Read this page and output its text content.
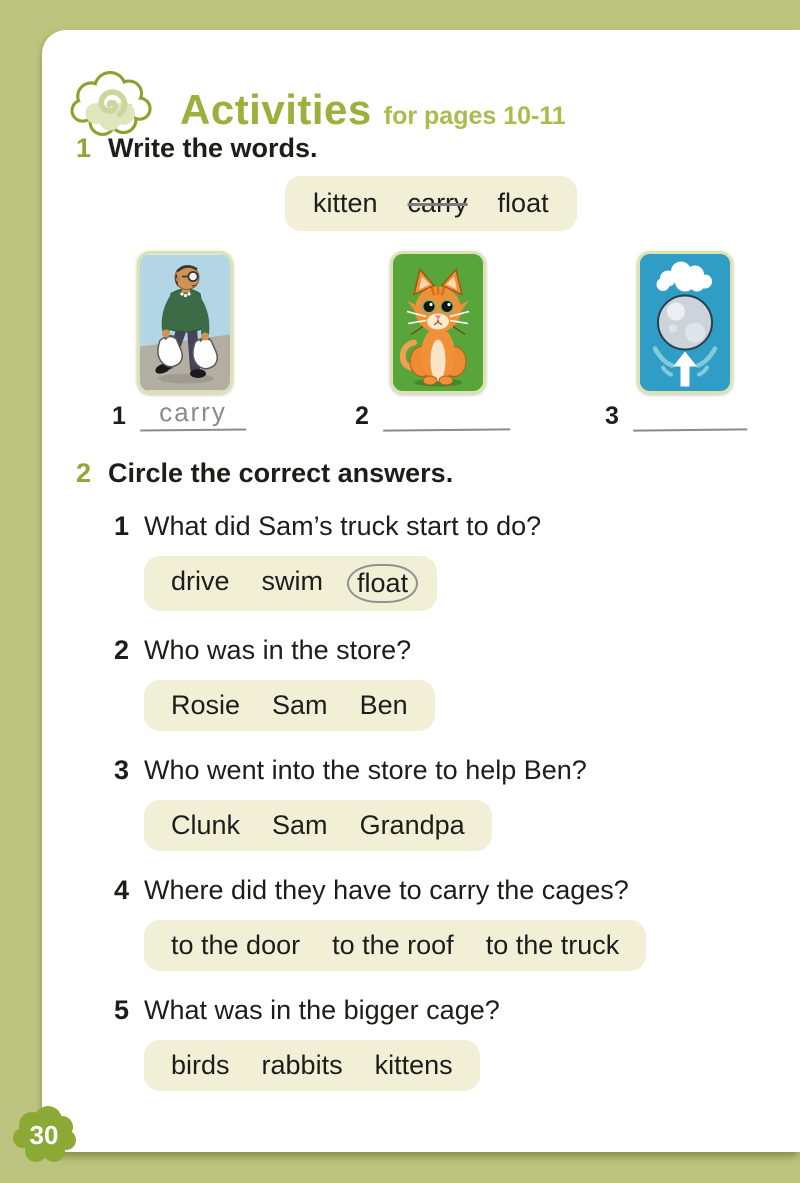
Activities for pages 10-11
1 Write the words.
kitten carry float
1	carry	2	3
2 Circle the correct answers.
1 What did Sam’s truck start to do?
drive swim	float
2 Who was in the store?
Rosie Sam Ben
3 Who went into the store to help Ben?
Clunk Sam Grandpa
4 Where did they have to carry the cages?
to the door to the roof to the truck
5 What was in the bigger cage?
birds rabbits kittens
30
